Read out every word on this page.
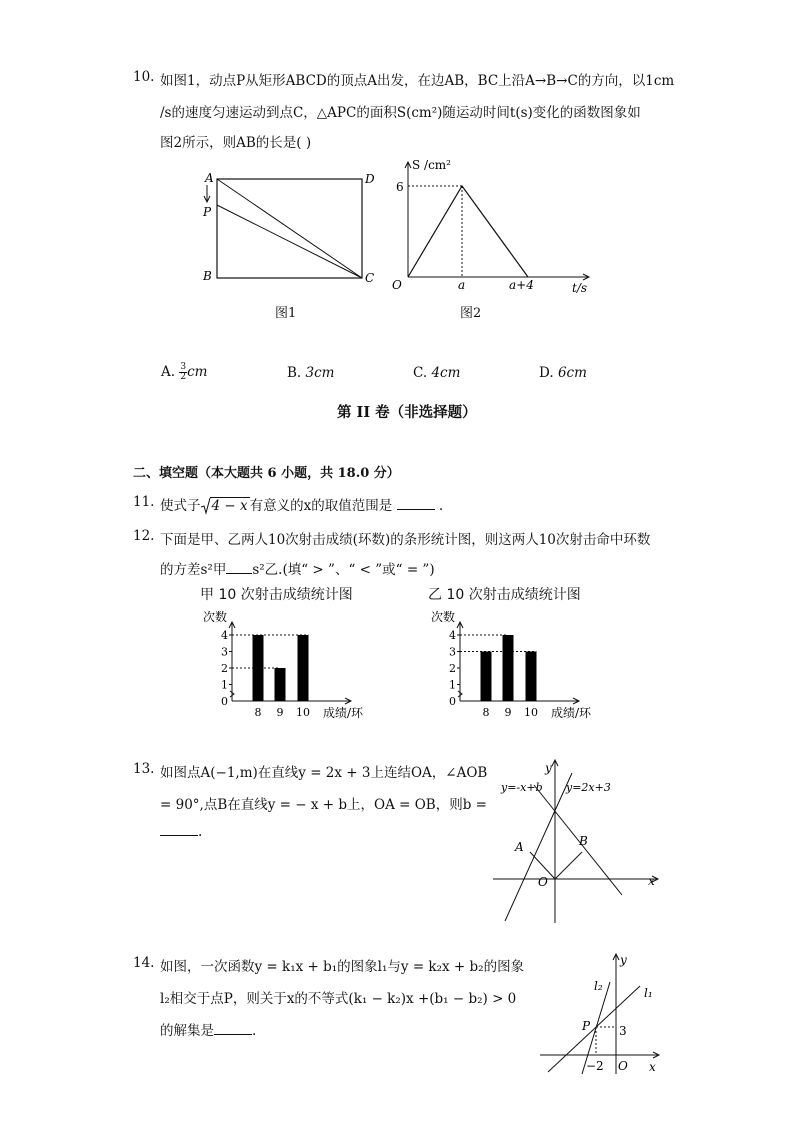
10. 如图1，动点P从矩形ABCD的顶点A出发，在边AB，BC上沿A→B→C的方向，以1cm
/s的速度匀速运动到点C，△APC的面积S(cm²)随运动时间t(s)变化的函数图象如
图2所示，则AB的长是( )
A	D
P
B	C
图1
S /cm²
6
O	a	a+4	t/s
图2
A. $\frac{3}{2}$ cm	B. 3cm	C. 4cm	D. 6cm
第 II 卷（非选择题）
二、填空题（本大题共 6 小题，共 18.0 分）
11. 使式子 4 − x 有意义的x的取值范围是	.
12. 下面是甲、乙两人10次射击成绩(环数)的条形统计图，则这两人10次射击命中环数
的方差s²甲 s²乙.(填“ > ”、“ < ”或“ = ”)
甲 10 次射击成绩统计图	乙 10 次射击成绩统计图
次数
0
1
2
3
4
8 9 10 成绩/环
次数
0
1
2
3
4
8 9 10 成绩/环
13. 如图点A(−1,m)在直线y = 2x + 3上连结OA，∠AOB
= 90°,点B在直线y = − x + b上，OA = OB，则b =
.
y
x
O
A	B
y=-x+b y=2x+3
14. 如图，一次函数y = k₁x + b₁的图象l₁与y = k₂x + b₂的图象
l₂相交于点P，则关于x的不等式(k₁ − k₂)x +(b₁ − b₂) > 0
的解集是	.
y
x
O
P 3
−2
l₁
l₂
